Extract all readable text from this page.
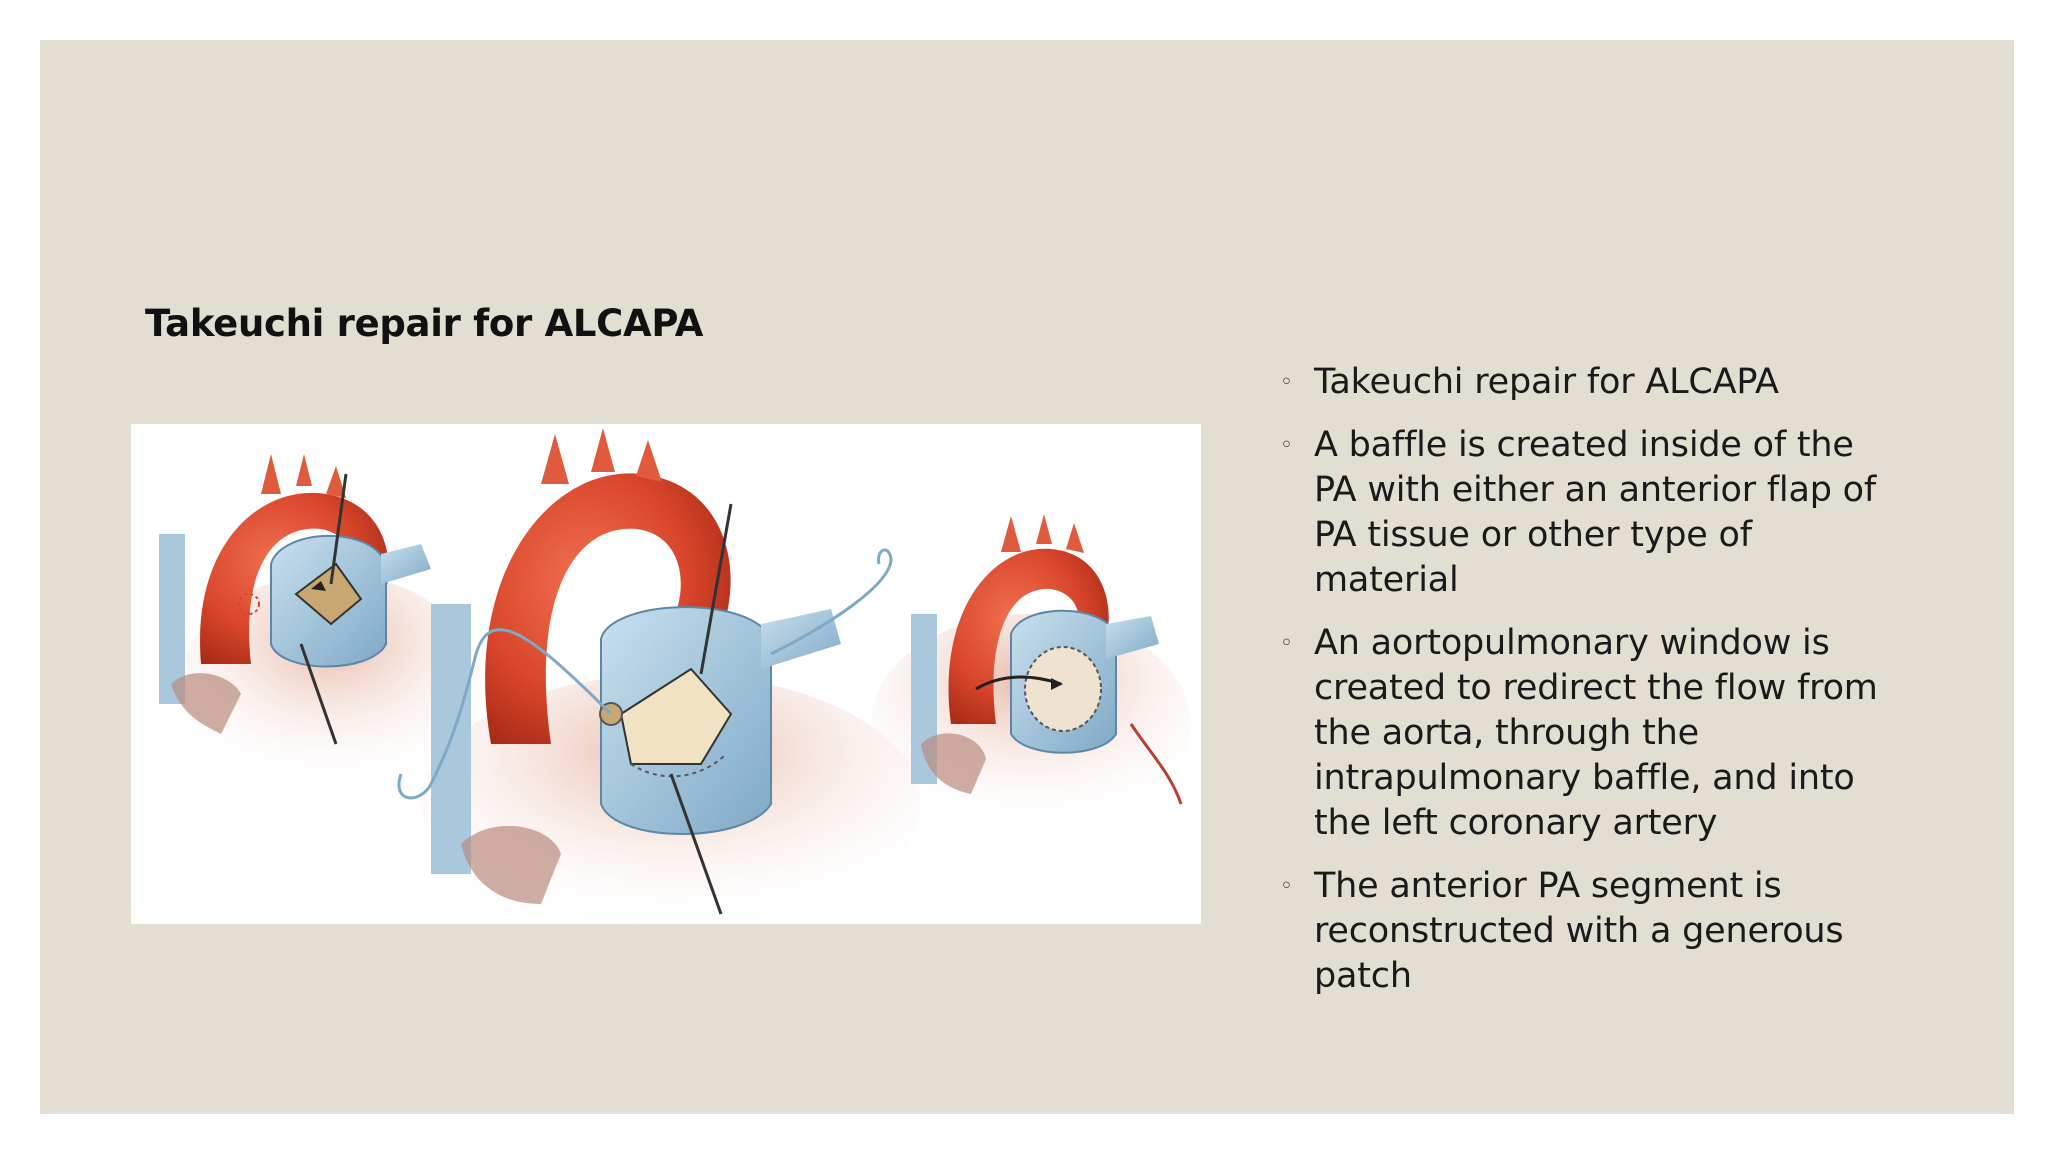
Takeuchi repair for ALCAPA
◦ Takeuchi repair for ALCAPA
◦ A baffle is created inside of the PA with either an anterior flap of PA tissue or other type of material
◦ An aortopulmonary window is created to redirect the flow from the aorta, through the intrapulmonary baffle, and into the left coronary artery
◦ The anterior PA segment is reconstructed with a generous patch
